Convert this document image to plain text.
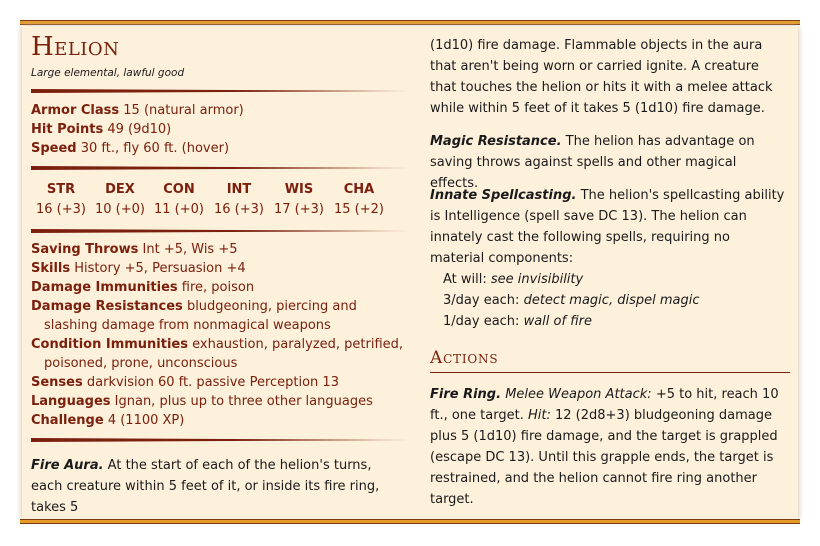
Helion
Large elemental, lawful good
Armor Class 15 (natural armor)
Hit Points 49 (9d10)
Speed 30 ft., fly 60 ft. (hover)
STR
16 (+3)
DEX
10 (+0)
CON
11 (+0)
INT
16 (+3)
WIS
17 (+3)
CHA
15 (+2)
Saving Throws Int +5, Wis +5
Skills History +5, Persuasion +4
Damage Immunities fire, poison
Damage Resistances bludgeoning, piercing and slashing damage from nonmagical weapons
Condition Immunities exhaustion, paralyzed, petrified, poisoned, prone, unconscious
Senses darkvision 60 ft. passive Perception 13
Languages Ignan, plus up to three other languages
Challenge 4 (1100 XP)

Fire Aura. At the start of each of the helion's turns, each creature within 5 feet of it, or inside its fire ring, takes 5

(1d10) fire damage. Flammable objects in the aura that aren't being worn or carried ignite. A creature that touches the helion or hits it with a melee attack while within 5 feet of it takes 5 (1d10) fire damage.

Magic Resistance. The helion has advantage on saving throws against spells and other magical effects.

Innate Spellcasting. The helion's spellcasting ability is Intelligence (spell save DC 13). The helion can innately cast the following spells, requiring no material components:

At will: see invisibility
3/day each: detect magic, dispel magic
1/day each: wall of fire
Actions

Fire Ring. Melee Weapon Attack: +5 to hit, reach 10 ft., one target. Hit: 12 (2d8+3) bludgeoning damage plus 5 (1d10) fire damage, and the target is grappled (escape DC 13). Until this grapple ends, the target is restrained, and the helion cannot fire ring another target.
